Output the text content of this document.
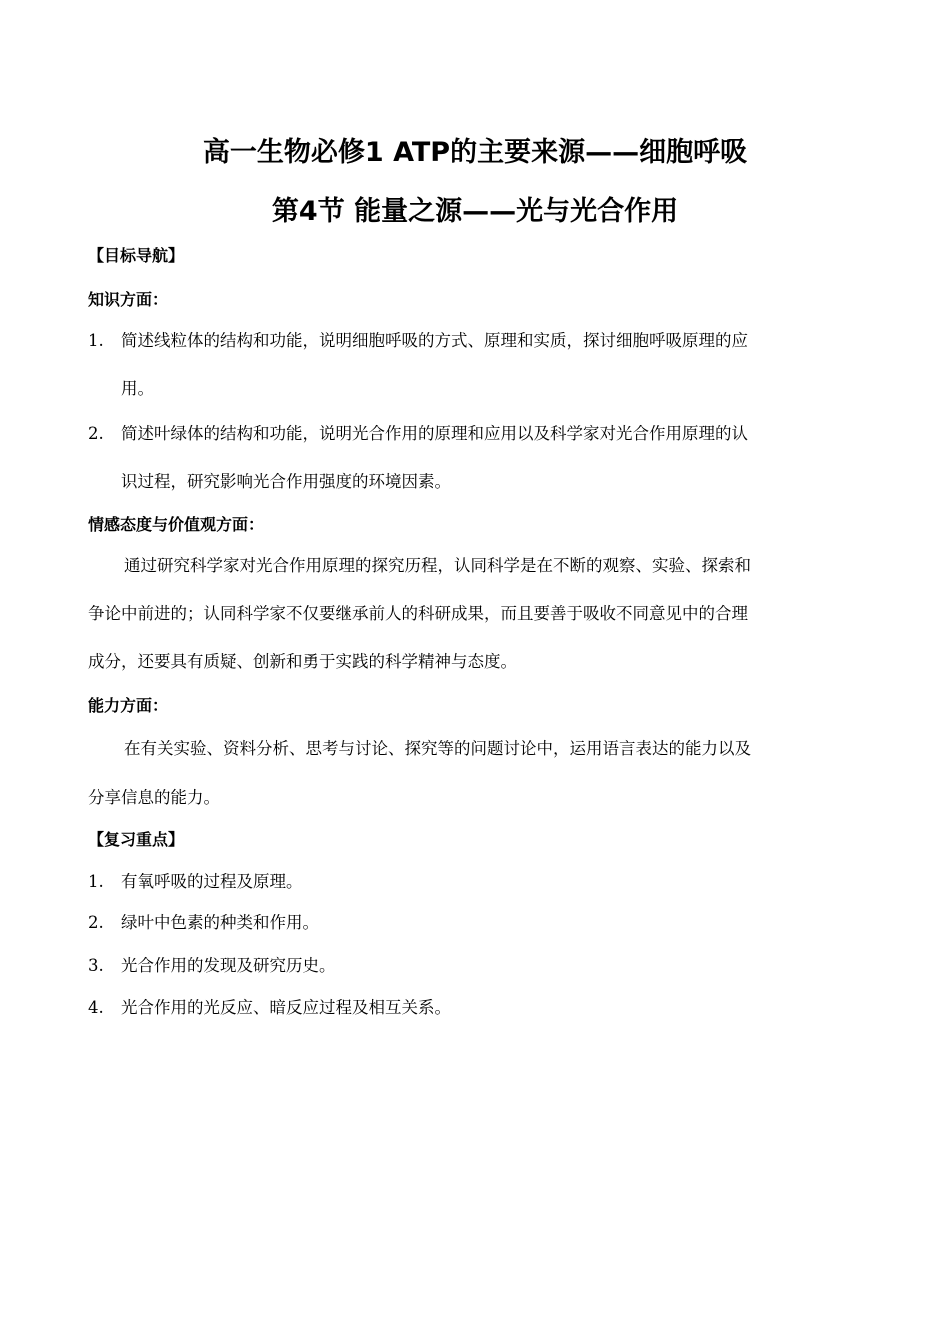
高一生物必修1 ATP的主要来源——细胞呼吸
第4节 能量之源——光与光合作用
【目标导航】
知识方面：
1. 简述线粒体的结构和功能，说明细胞呼吸的方式、原理和实质，探讨细胞呼吸原理的应
用。
2. 简述叶绿体的结构和功能，说明光合作用的原理和应用以及科学家对光合作用原理的认
识过程，研究影响光合作用强度的环境因素。
情感态度与价值观方面：
通过研究科学家对光合作用原理的探究历程，认同科学是在不断的观察、实验、探索和
争论中前进的；认同科学家不仅要继承前人的科研成果，而且要善于吸收不同意见中的合理
成分，还要具有质疑、创新和勇于实践的科学精神与态度。
能力方面：
在有关实验、资料分析、思考与讨论、探究等的问题讨论中，运用语言表达的能力以及
分享信息的能力。
【复习重点】
1. 有氧呼吸的过程及原理。
2. 绿叶中色素的种类和作用。
3. 光合作用的发现及研究历史。
4. 光合作用的光反应、暗反应过程及相互关系。
